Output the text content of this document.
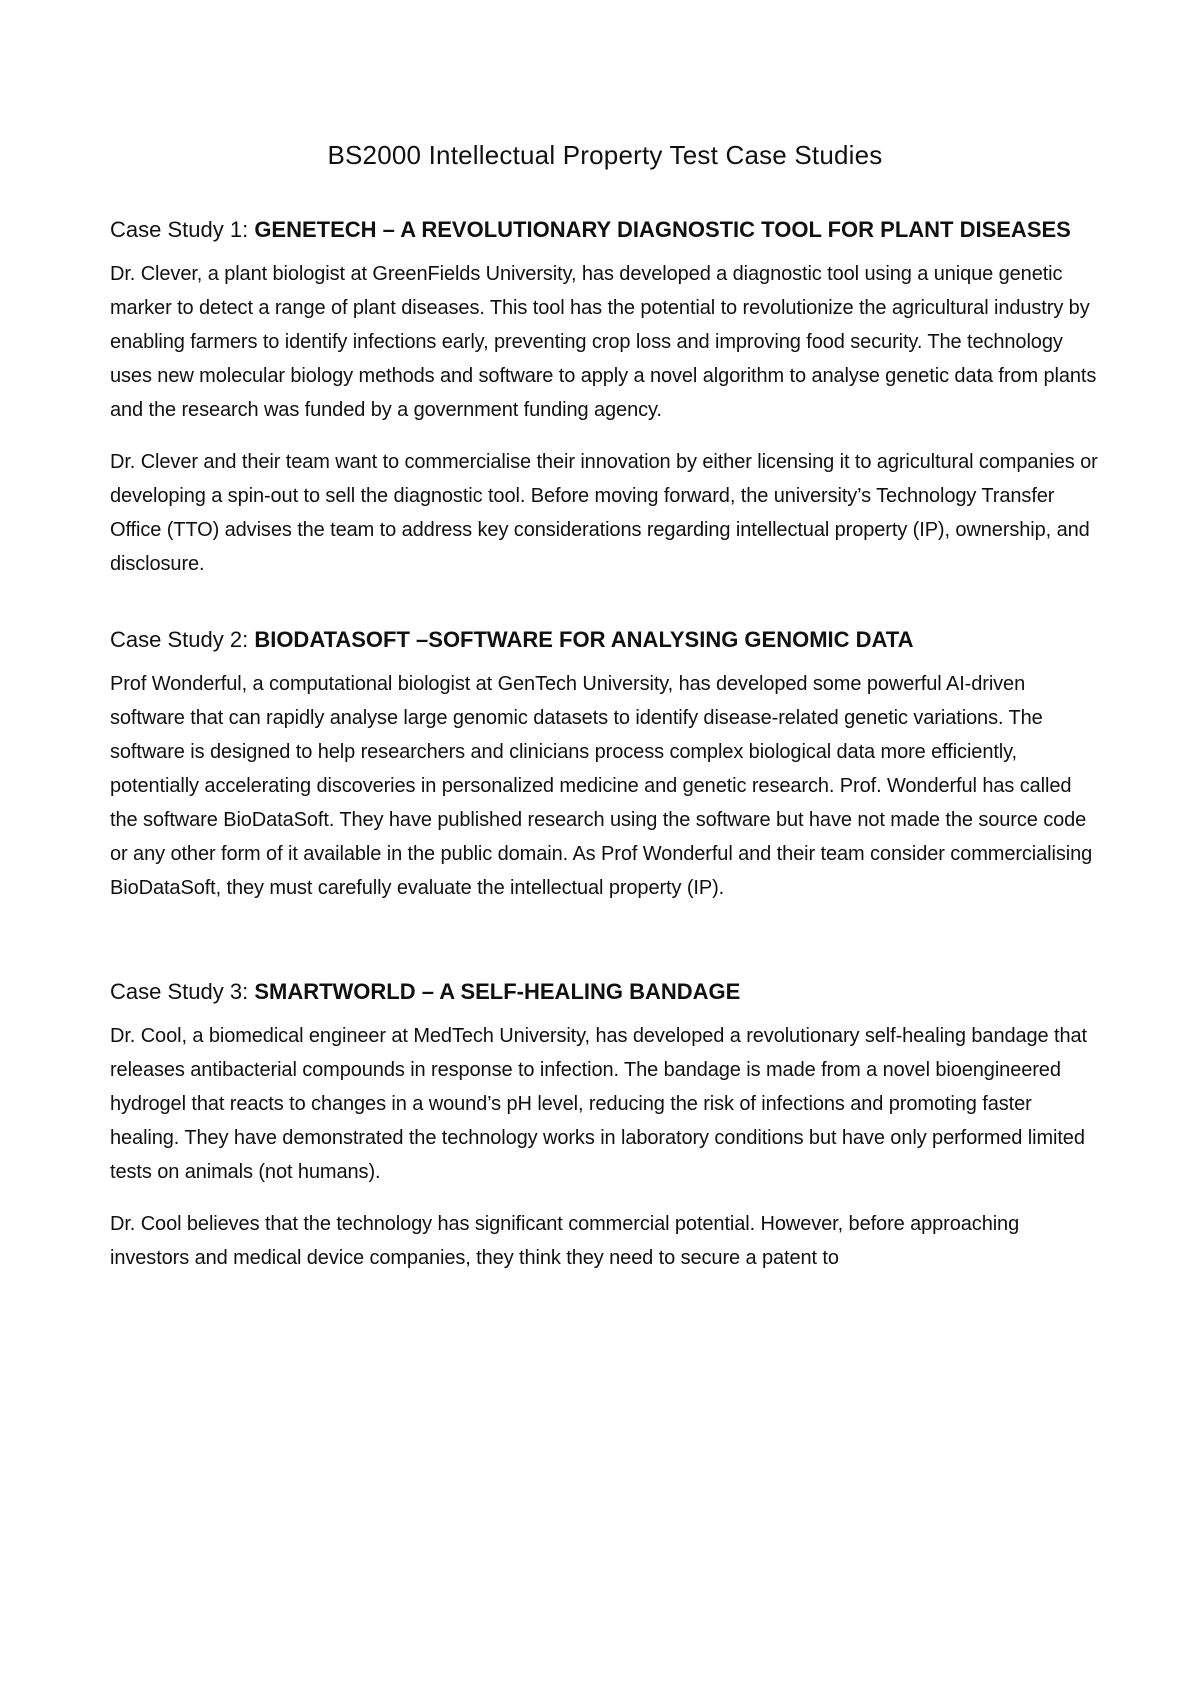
BS2000 Intellectual Property Test Case Studies
Case Study 1: GENETECH – A REVOLUTIONARY DIAGNOSTIC TOOL FOR PLANT DISEASES

Dr. Clever, a plant biologist at GreenFields University, has developed a diagnostic tool using a unique genetic marker to detect a range of plant diseases. This tool has the potential to revolutionize the agricultural industry by enabling farmers to identify infections early, preventing crop loss and improving food security. The technology uses new molecular biology methods and software to apply a novel algorithm to analyse genetic data from plants and the research was funded by a government funding agency.

Dr. Clever and their team want to commercialise their innovation by either licensing it to agricultural companies or developing a spin-out to sell the diagnostic tool. Before moving forward, the university’s Technology Transfer Office (TTO) advises the team to address key considerations regarding intellectual property (IP), ownership, and disclosure.

Case Study 2: BIODATASOFT –SOFTWARE FOR ANALYSING GENOMIC DATA

Prof Wonderful, a computational biologist at GenTech University, has developed some powerful AI-driven software that can rapidly analyse large genomic datasets to identify disease-related genetic variations. The software is designed to help researchers and clinicians process complex biological data more efficiently, potentially accelerating discoveries in personalized medicine and genetic research. Prof. Wonderful has called the software BioDataSoft. They have published research using the software but have not made the source code or any other form of it available in the public domain. As Prof Wonderful and their team consider commercialising BioDataSoft, they must carefully evaluate the intellectual property (IP).

Case Study 3: SMARTWORLD – A SELF-HEALING BANDAGE

Dr. Cool, a biomedical engineer at MedTech University, has developed a revolutionary self-healing bandage that releases antibacterial compounds in response to infection. The bandage is made from a novel bioengineered hydrogel that reacts to changes in a wound’s pH level, reducing the risk of infections and promoting faster healing. They have demonstrated the technology works in laboratory conditions but have only performed limited tests on animals (not humans).

Dr. Cool believes that the technology has significant commercial potential. However, before approaching investors and medical device companies, they think they need to secure a patent to
